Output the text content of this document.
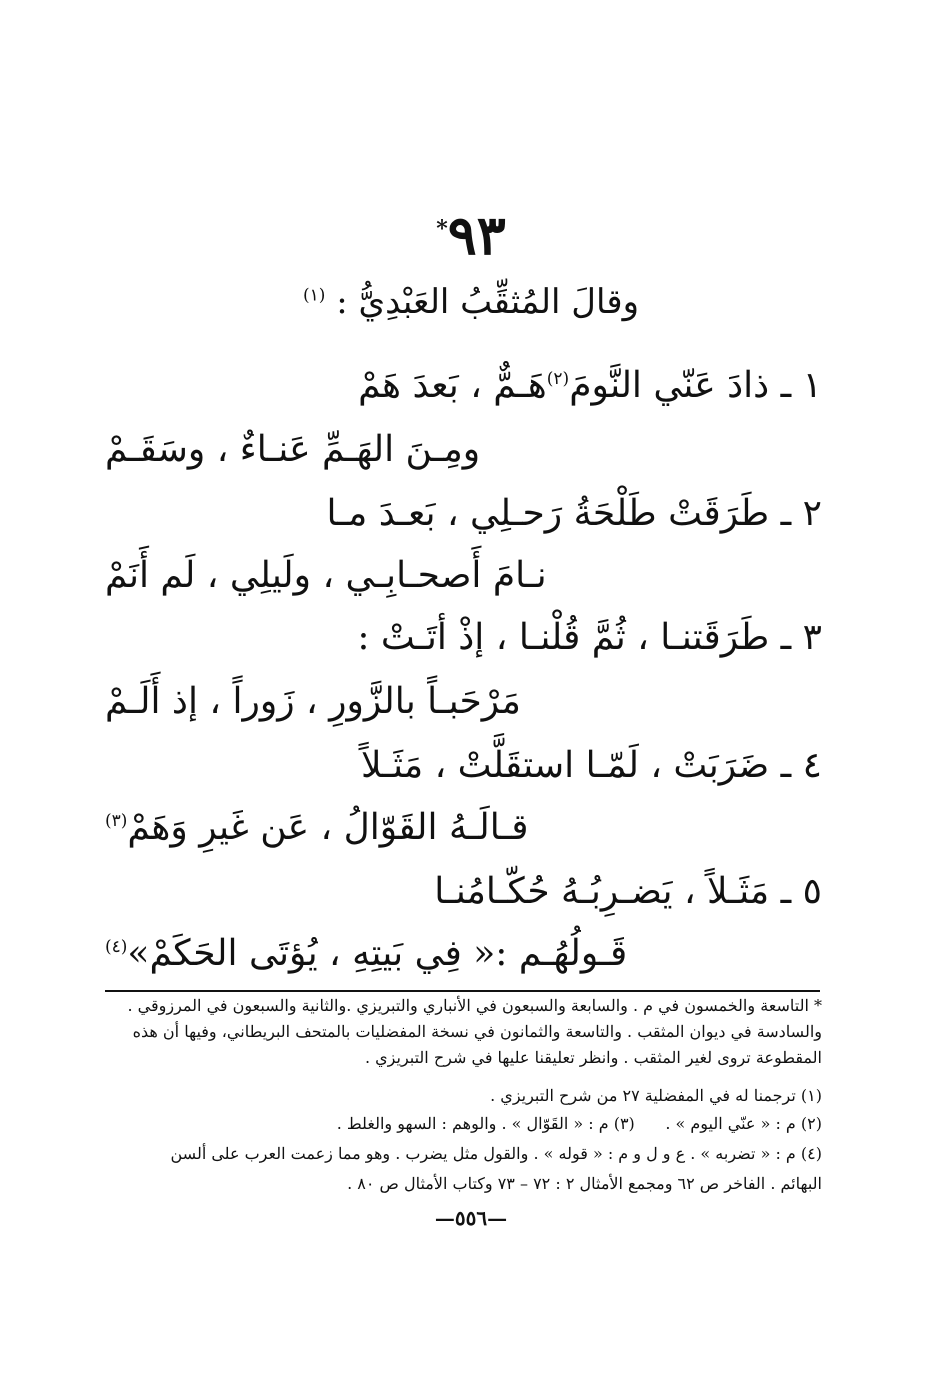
٩٣*
وقالَ المُثقِّبُ العَبْدِيُّ : $^{(١)}$
١ ـ ذادَ عَنّي النَّومَ$^{(٢)}$هَـمٌّ ، بَعدَ هَمْ
ومِـنَ الهَـمِّ عَنـاءٌ ، وسَقَـمْ
٢ ـ طَرَقَتْ طَلْحَةُ رَحـلِي ، بَعـدَ مـا
نـامَ أَصحـابِـي ، ولَيلِي ، لَم أَنَمْ
٣ ـ طَرَقَتنـا ، ثُمَّ قُلْنـا ، إذْ أتَـتْ :
مَرْحَبـاً بالزَّورِ ، زَوراً ، إذ أَلَـمْ
٤ ـ ضَرَبَتْ ، لَمّـا استقَلَّتْ ، مَثَـلاً
قـالَـهُ القَوّالُ ، عَن غَيرِ وَهَمْ$^{(٣)}$
٥ ـ مَثَـلاً ، يَضـرِبُـهُ حُكّـامُنـا
قَـولُهُـم :« فِي بَيتِهِ ، يُؤتَى الحَكَمْ»$^{(٤)}$
* التاسعة والخمسون في م . والسابعة والسبعون في الأنباري والتبريزي .والثانية والسبعون في المرزوقي .
والسادسة في ديوان المثقب . والتاسعة والثمانون في نسخة المفضليات بالمتحف البريطاني، وفيها أن هذه
المقطوعة تروى لغير المثقب . وانظر تعليقنا عليها في شرح التبريزي .
(١) ترجمنا له في المفضلية ٢٧ من شرح التبريزي .
(٢) م : « عنّي اليوم » .      (٣) م : « القَوّال » . والوهم : السهو والغلط .
(٤) م : « تضربه » . ع و ل و م : « قوله » . والقول مثل يضرب . وهو مما زعمت العرب على ألسن
البهائم . الفاخر ص ٦٢ ومجمع الأمثال ٢ : ٧٢ – ٧٣ وكتاب الأمثال ص ٨٠ .
—٥٥٦—
